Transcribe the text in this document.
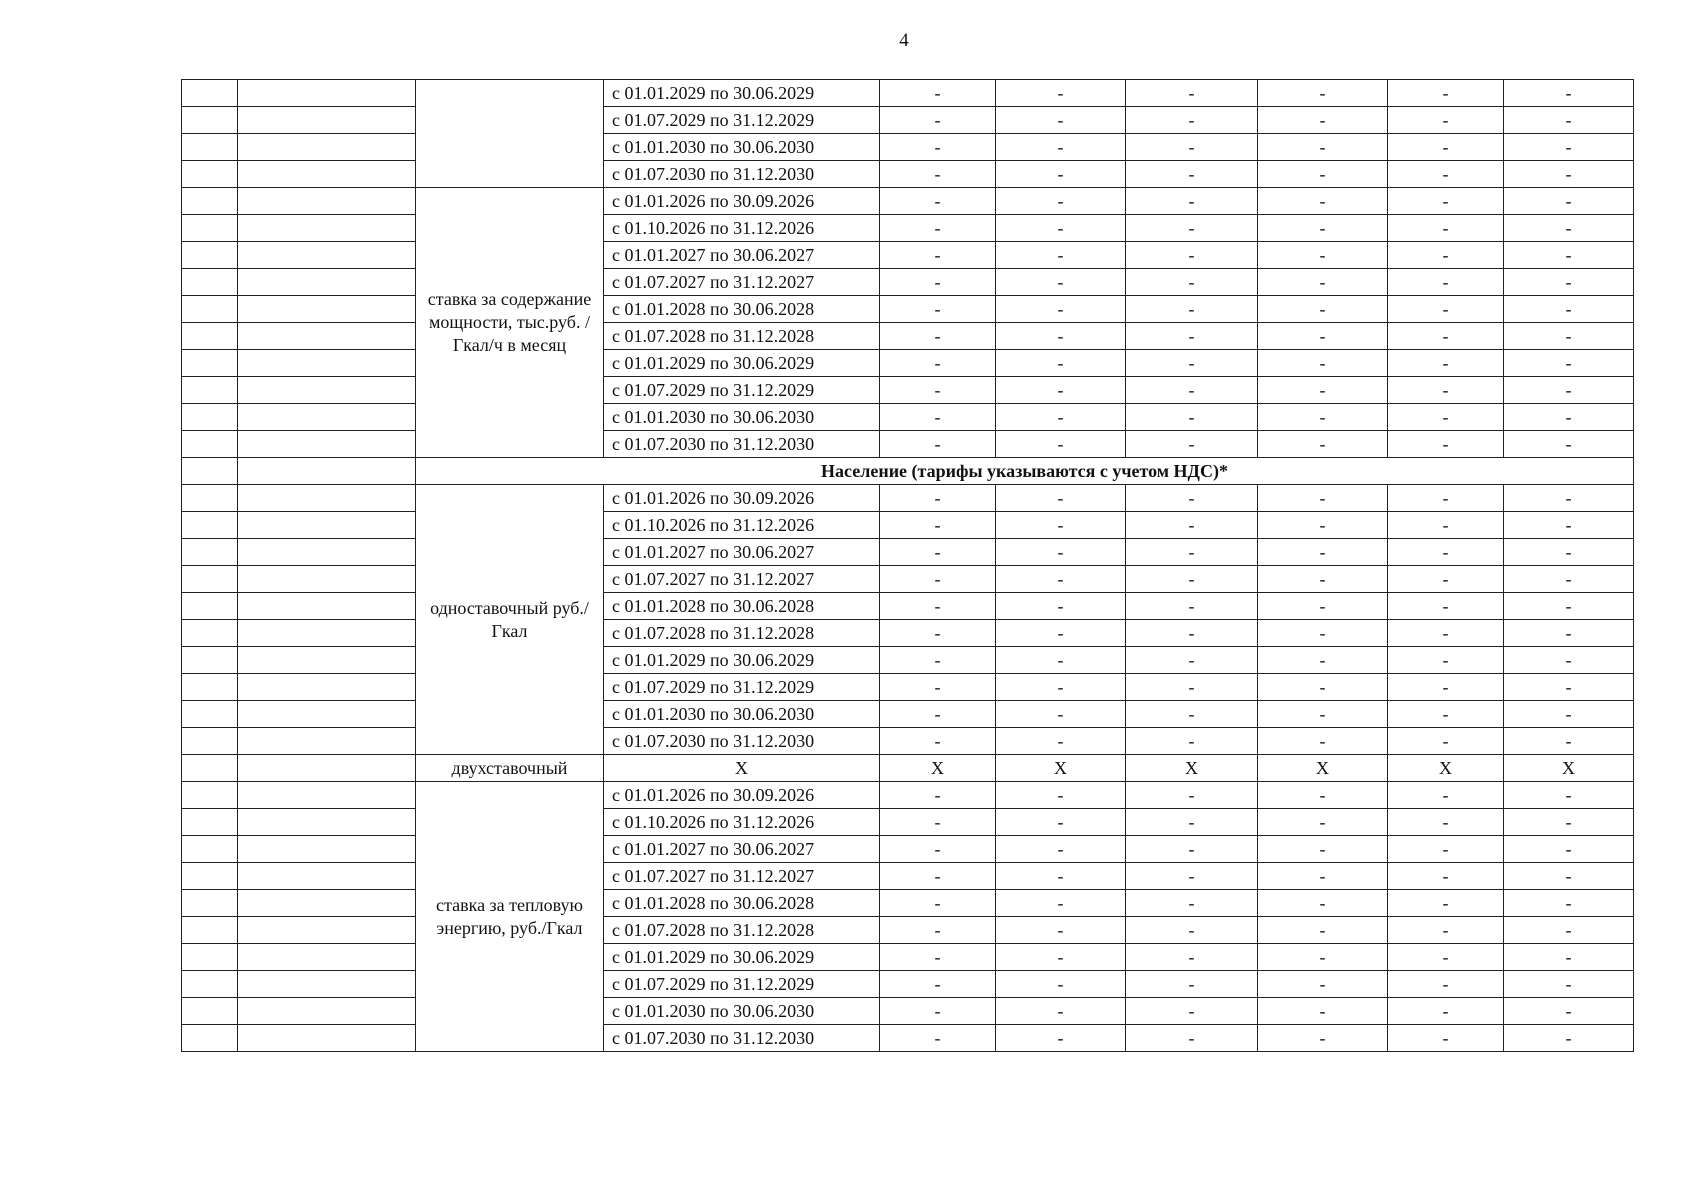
4
			с 01.01.2029 по 30.06.2029	-	-	-	-	-	-
			с 01.07.2029 по 31.12.2029	-	-	-	-	-	-
			с 01.01.2030 по 30.06.2030	-	-	-	-	-	-
			с 01.07.2030 по 31.12.2030	-	-	-	-	-	-
		ставка за содержание мощности, тыс.руб. /Гкал/ч в месяц	с 01.01.2026 по 30.09.2026	-	-	-	-	-	-
			с 01.10.2026 по 31.12.2026	-	-	-	-	-	-
			с 01.01.2027 по 30.06.2027	-	-	-	-	-	-
			с 01.07.2027 по 31.12.2027	-	-	-	-	-	-
			с 01.01.2028 по 30.06.2028	-	-	-	-	-	-
			с 01.07.2028 по 31.12.2028	-	-	-	-	-	-
			с 01.01.2029 по 30.06.2029	-	-	-	-	-	-
			с 01.07.2029 по 31.12.2029	-	-	-	-	-	-
			с 01.01.2030 по 30.06.2030	-	-	-	-	-	-
			с 01.07.2030 по 31.12.2030	-	-	-	-	-	-
		Население (тарифы указываются с учетом НДС)*							
		одноставочный руб./Гкал	с 01.01.2026 по 30.09.2026	-	-	-	-	-	-
			с 01.10.2026 по 31.12.2026	-	-	-	-	-	-
			с 01.01.2027 по 30.06.2027	-	-	-	-	-	-
			с 01.07.2027 по 31.12.2027	-	-	-	-	-	-
			с 01.01.2028 по 30.06.2028	-	-	-	-	-	-
			с 01.07.2028 по 31.12.2028	-	-	-	-	-	-
			с 01.01.2029 по 30.06.2029	-	-	-	-	-	-
			с 01.07.2029 по 31.12.2029	-	-	-	-	-	-
			с 01.01.2030 по 30.06.2030	-	-	-	-	-	-
			с 01.07.2030 по 31.12.2030	-	-	-	-	-	-
		двухставочный	X	X	X	X	X	X	X
		ставка за тепловую энергию, руб./Гкал	с 01.01.2026 по 30.09.2026	-	-	-	-	-	-
			с 01.10.2026 по 31.12.2026	-	-	-	-	-	-
			с 01.01.2027 по 30.06.2027	-	-	-	-	-	-
			с 01.07.2027 по 31.12.2027	-	-	-	-	-	-
			с 01.01.2028 по 30.06.2028	-	-	-	-	-	-
			с 01.07.2028 по 31.12.2028	-	-	-	-	-	-
			с 01.01.2029 по 30.06.2029	-	-	-	-	-	-
			с 01.07.2029 по 31.12.2029	-	-	-	-	-	-
			с 01.01.2030 по 30.06.2030	-	-	-	-	-	-
			с 01.07.2030 по 31.12.2030	-	-	-	-	-	-
